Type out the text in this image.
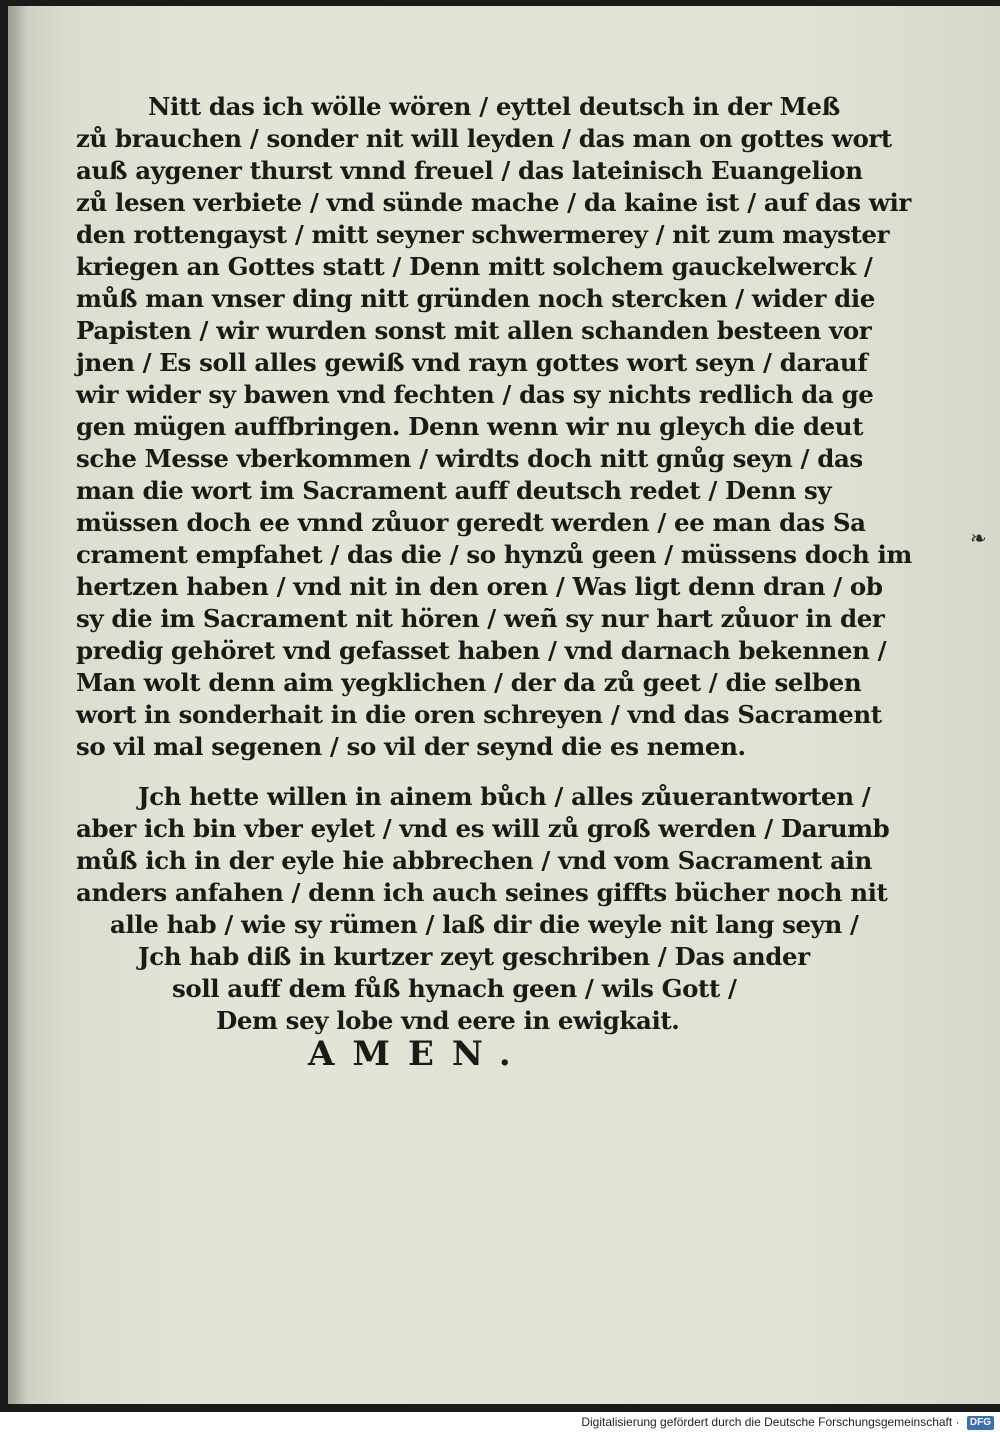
Nitt das ich wölle wören / eyttel deutsch in der Meß
zů brauchen / sonder nit will leyden / das man on gottes wort
auß aygener thurst vnnd freuel / das lateinisch Euangelion
zů lesen verbiete / vnd sünde mache / da kaine ist / auf das wir
den rottengayst / mitt seyner schwermerey / nit zum mayster
kriegen an Gottes statt / Denn mitt solchem gauckelwerck /
můß man vnser ding nitt gründen noch stercken / wider die
Papisten / wir wurden sonst mit allen schanden besteen vor
jnen / Es soll alles gewiß vnd rayn gottes wort seyn / darauf
wir wider sy bawen vnd fechten / das sy nichts redlich da ge
gen mügen auffbringen. Denn wenn wir nu gleych die deut
sche Messe vberkommen / wirdts doch nitt gnůg seyn / das
man die wort im Sacrament auff deutsch redet / Denn sy
müssen doch ee vnnd zůuor geredt werden / ee man das Sa
crament empfahet / das die / so hynzů geen / müssens doch im
hertzen haben / vnd nit in den oren / Was ligt denn dran / ob
sy die im Sacrament nit hören / weñ sy nur hart zůuor in der
predig gehöret vnd gefasset haben / vnd darnach bekennen /
Man wolt denn aim yegklichen / der da zů geet / die selben
wort in sonderhait in die oren schreyen / vnd das Sacrament
so vil mal segenen / so vil der seynd die es nemen.
Jch hette willen in ainem bůch / alles zůuerantworten /
aber ich bin vber eylet / vnd es will zů groß werden / Darumb
můß ich in der eyle hie abbrechen / vnd vom Sacrament ain
anders anfahen / denn ich auch seines giffts bücher noch nit
alle hab / wie sy rümen / laß dir die weyle nit lang seyn /
Jch hab diß in kurtzer zeyt geschriben / Das ander
soll auff dem fůß hynach geen / wils Gott /
Dem sey lobe vnd eere in ewigkait.
AMEN.
❧
Digitalisierung gefördert durch die Deutsche Forschungsgemeinschaft · DFG
